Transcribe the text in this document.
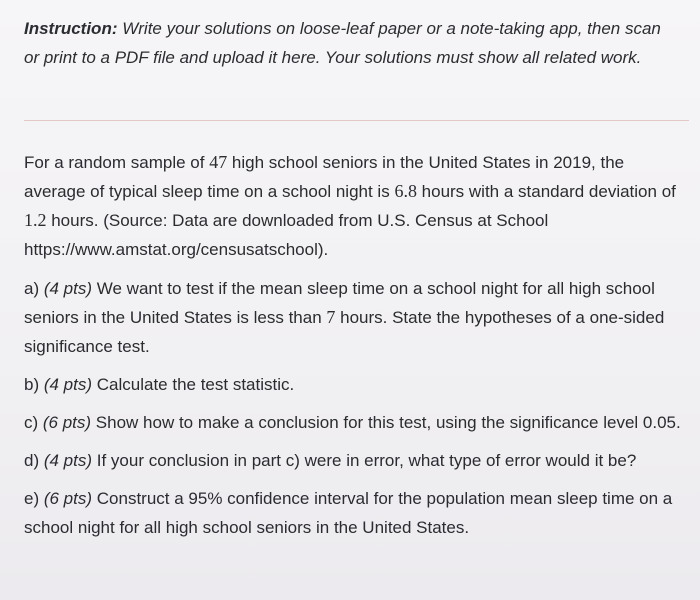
Instruction: Write your solutions on loose-leaf paper or a note-taking app, then scan or print to a PDF file and upload it here. Your solutions must show all related work.

For a random sample of 47 high school seniors in the United States in 2019, the average of typical sleep time on a school night is 6.8 hours with a standard deviation of 1.2 hours. (Source: Data are downloaded from U.S. Census at School https://www.amstat.org/censusatschool).

a) (4 pts) We want to test if the mean sleep time on a school night for all high school seniors in the United States is less than 7 hours. State the hypotheses of a one-sided significance test.

b) (4 pts) Calculate the test statistic.

c) (6 pts) Show how to make a conclusion for this test, using the significance level 0.05.

d) (4 pts) If your conclusion in part c) were in error, what type of error would it be?

e) (6 pts) Construct a 95% confidence interval for the population mean sleep time on a school night for all high school seniors in the United States.
